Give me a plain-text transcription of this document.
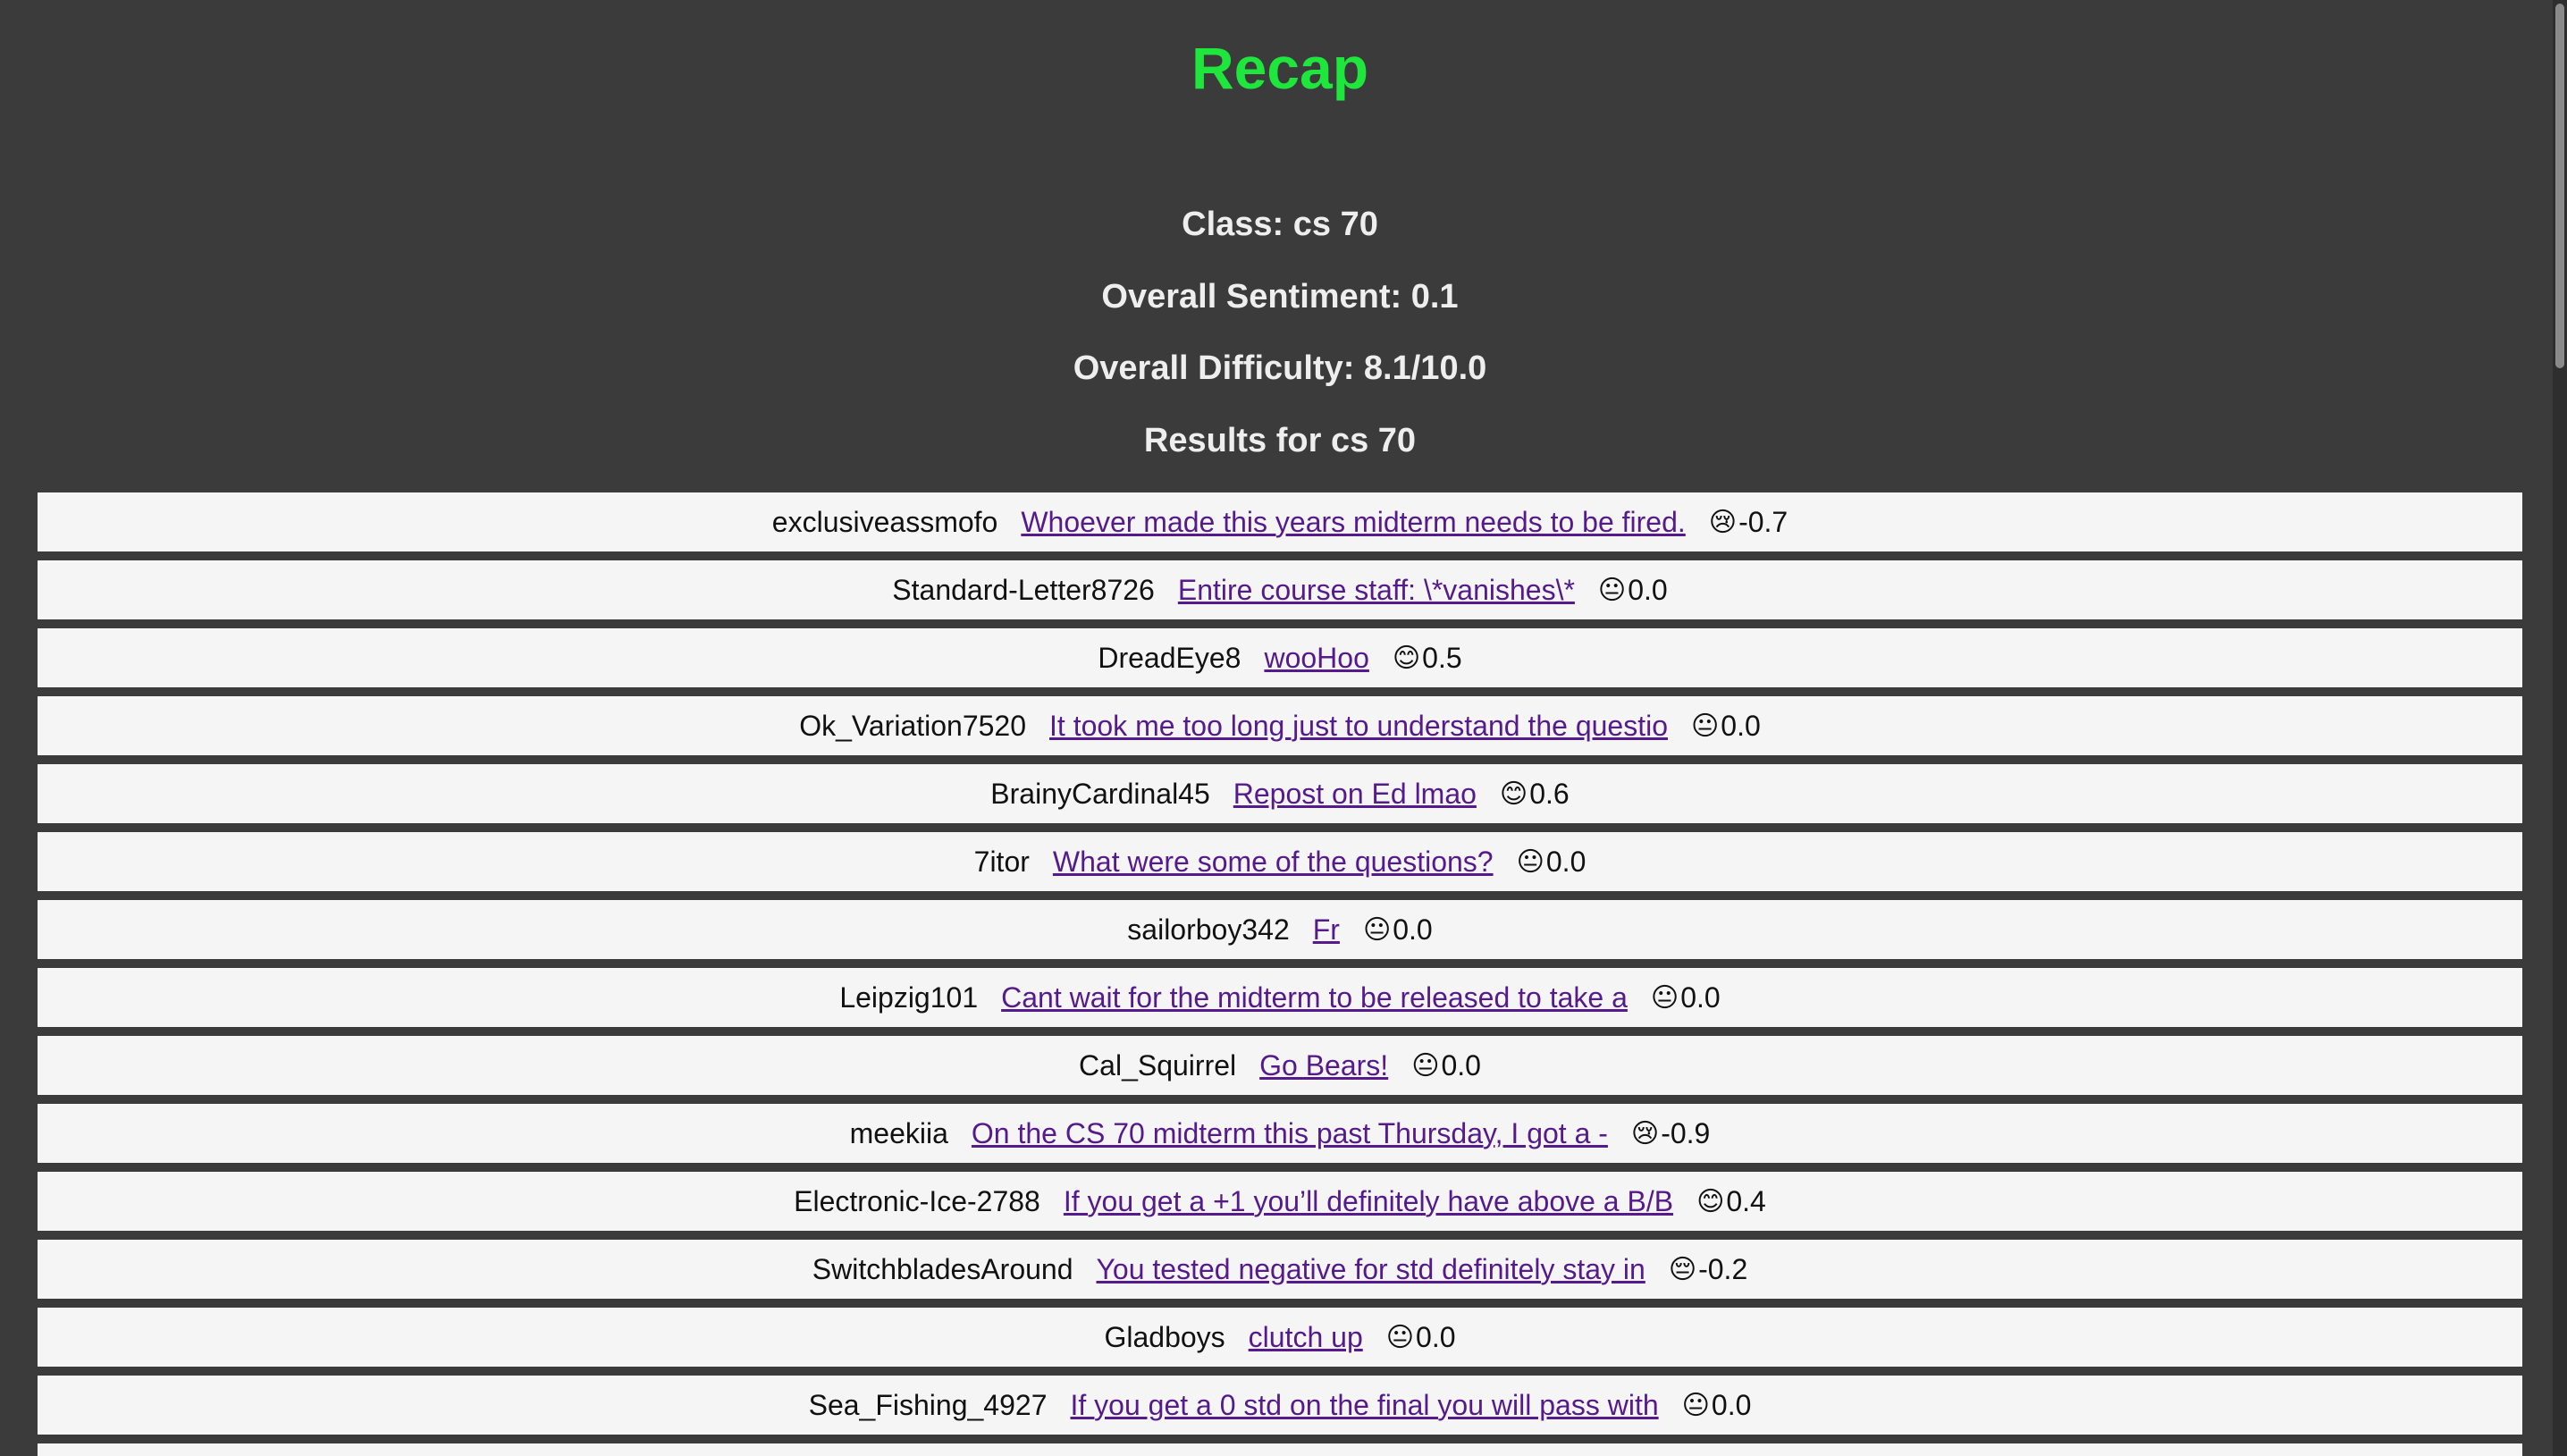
Recap
Class: cs 70
Overall Sentiment: 0.1
Overall Difficulty: 8.1/10.0
Results for cs 70
exclusiveassmofo Whoever made this years midterm needs to be fired. 😢 -0.7
Standard-Letter8726 Entire course staff: \*vanishes\* 😐 0.0
DreadEye8 wooHoo 😊 0.5
Ok_Variation7520 It took me too long just to understand the questio 😐 0.0
BrainyCardinal45 Repost on Ed lmao 😊 0.6
7itor What were some of the questions? 😐 0.0
sailorboy342 Fr 😐 0.0
Leipzig101 Cant wait for the midterm to be released to take a 😐 0.0
Cal_Squirrel Go Bears! 😐 0.0
meekiia On the CS 70 midterm this past Thursday, I got a - 😢 -0.9
Electronic-Ice-2788 If you get a +1 you’ll definitely have above a B/B 😊 0.4
SwitchbladesAround You tested negative for std definitely stay in 😔 -0.2
Gladboys clutch up 😐 0.0
Sea_Fishing_4927 If you get a 0 std on the final you will pass with 😐 0.0
